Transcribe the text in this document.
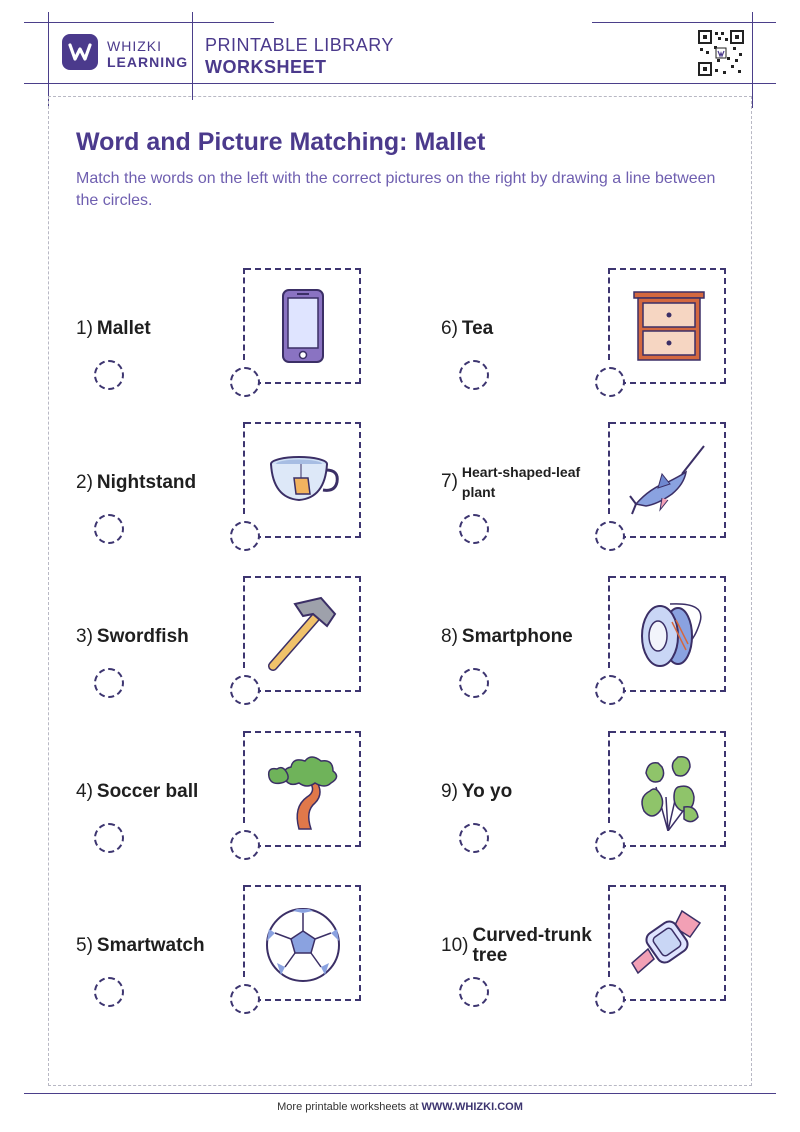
WHIZKI
LEARNING
PRINTABLE LIBRARY
WORKSHEET
Word and Picture Matching: Mallet
Match the words on the left with the correct pictures on the right by drawing a line between the circles.
1) Mallet
2) Nightstand
3) Swordfish
4) Soccer ball
5) Smartwatch
6) Tea
7) Heart-shaped-leaf plant
8) Smartphone
9) Yo yo
10) Curved-trunk tree
More printable worksheets at WWW.WHIZKI.COM
